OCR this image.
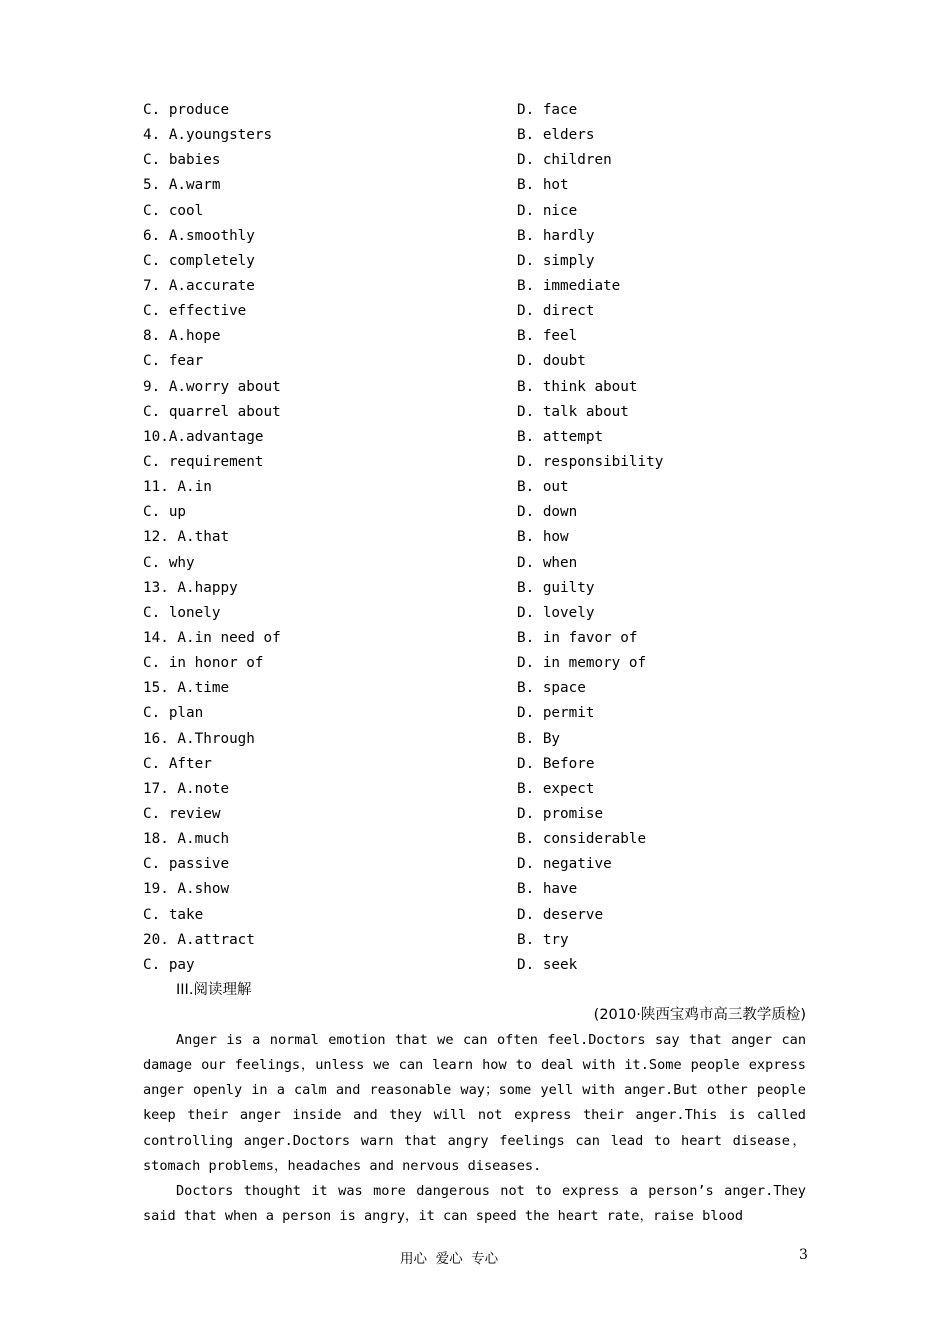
C. produce	D. face
4. A.youngsters	B. elders
C. babies	D. children
5. A.warm	B. hot
C. cool	D. nice
6. A.smoothly	B. hardly
C. completely	D. simply
7. A.accurate	B. immediate
C. effective	D. direct
8. A.hope	B. feel
C. fear	D. doubt
9. A.worry about	B. think about
C. quarrel about	D. talk about
10.A.advantage	B. attempt
C. requirement	D. responsibility
11. A.in	B. out
C. up	D. down
12. A.that	B. how
C. why	D. when
13. A.happy	B. guilty
C. lonely	D. lovely
14. A.in need of	B. in favor of
C. in honor of	D. in memory of
15. A.time	B. space
C. plan	D. permit
16. A.Through	B. By
C. After	D. Before
17. A.note	B. expect
C. review	D. promise
18. A.much	B. considerable
C. passive	D. negative
19. A.show	B. have
C. take	D. deserve
20. A.attract	B. try
C. pay	D. seek
III.阅读理解
(2010·陕西宝鸡市高三教学质检)

Anger is a normal emotion that we can often feel.Doctors say that anger can damage our feelings，unless we can learn how to deal with it.Some people express anger openly in a calm and reasonable way；some yell with anger.But other people keep their anger inside and they will not express their anger.This is called controlling anger.Doctors warn that angry feelings can lead to heart disease，stomach problems，headaches and nervous diseases.

Doctors thought it was more dangerous not to express a person’s anger.They said that when a person is angry，it can speed the heart rate，raise blood

用心  爱心  专心	3
